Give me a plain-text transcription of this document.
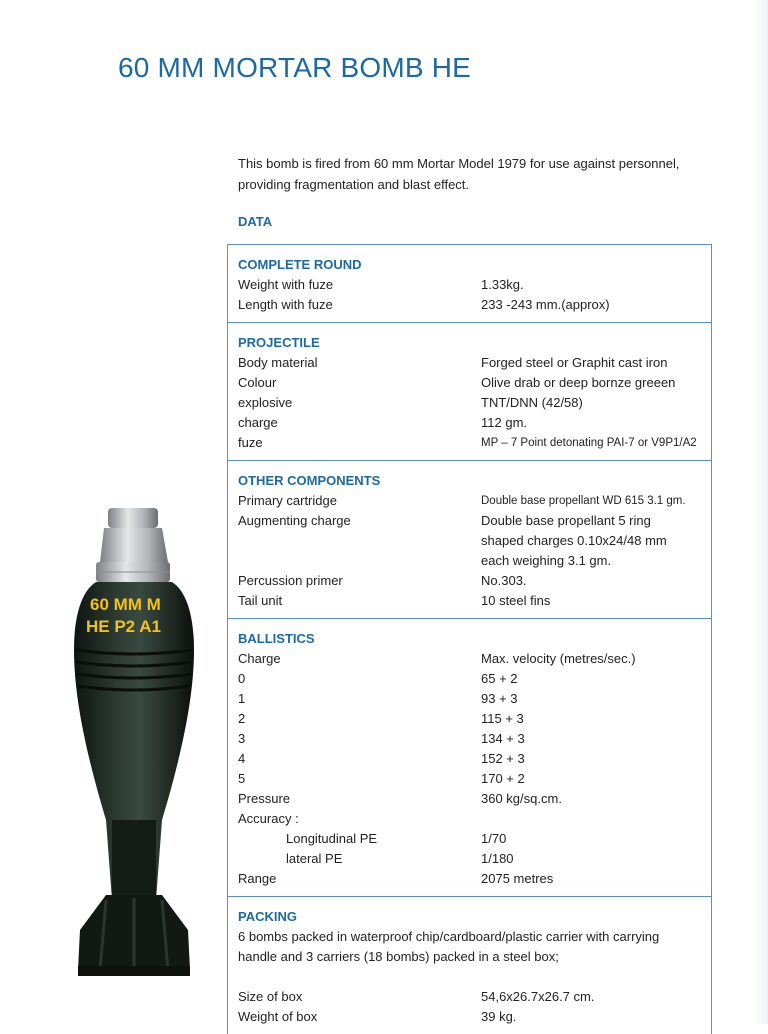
60 MM MORTAR BOMB HE

This bomb is fired from 60 mm Mortar Model 1979 for use against personnel, providing fragmentation and blast effect.

DATA
COMPLETE ROUND
Weight with fuze	1.33kg.
Length with fuze	233 -243 mm.(approx)
PROJECTILE
Body material	Forged steel or Graphit cast iron
Colour	Olive drab or deep bornze greeen
explosive	TNT/DNN (42/58)
charge	112 gm.
fuze	MP – 7 Point detonating PAI-7 or V9P1/A2
OTHER COMPONENTS
Primary cartridge	Double base propellant WD 615 3.1 gm.
Augmenting charge	Double base propellant 5 ring
shaped charges 0.10x24/48 mm
each weighing 3.1 gm.
Percussion primer	No.303.
Tail unit	10 steel fins
BALLISTICS
Charge	Max. velocity (metres/sec.)
0	65 + 2
1	93 + 3
2	115 + 3
3	134 + 3
4	152 + 3
5	170 + 2
Pressure	360 kg/sq.cm.
Accuracy :
Longitudinal PE	1/70
lateral PE	1/180
Range	2075 metres
PACKING

6 bombs packed in waterproof chip/cardboard/plastic carrier with carrying handle and 3 carriers (18 bombs) packed in a steel box;

Size of box	54,6x26.7x26.7 cm.
Weight of box	39 kg.
60 MM M
HE P2 A1
